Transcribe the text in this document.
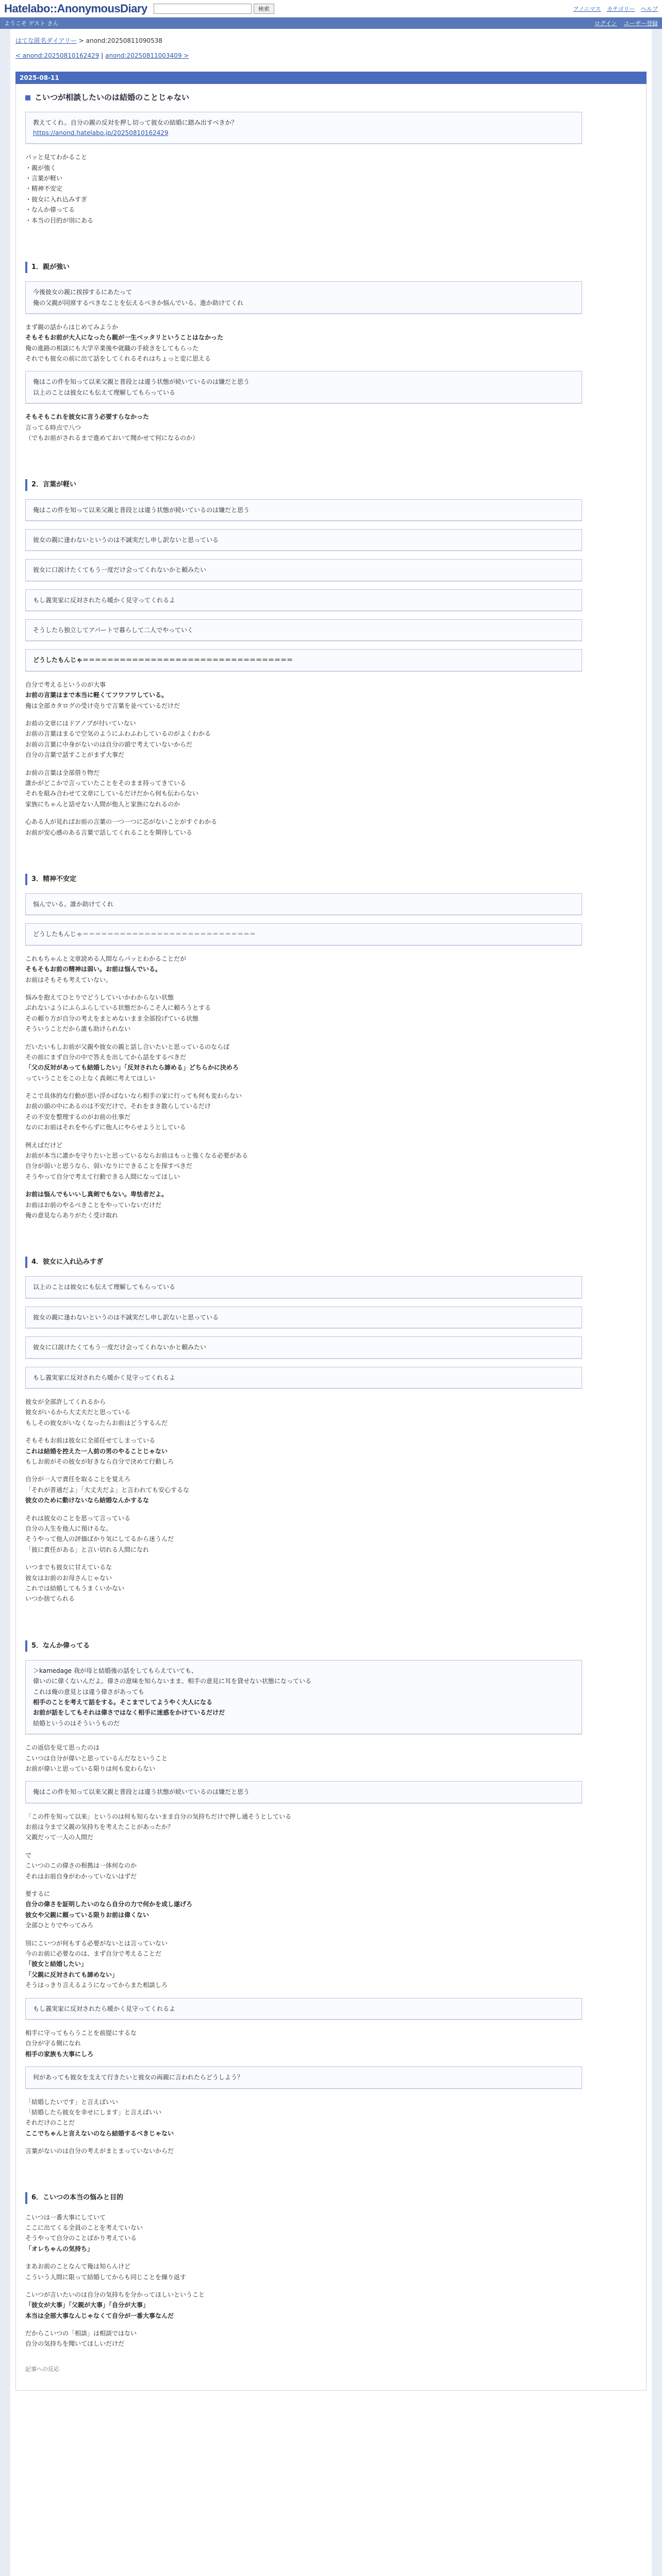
Hatelabo::AnonymousDiary	検索	アノニマス カテゴリー ヘルプ
ようこそ ゲスト さん	ログイン ユーザー登録
はてな匿名ダイアリー > anond:20250811090538
< anond:20250810162429 | anond:20250811003409 >
2025-08-11
こいつが相談したいのは結婚のことじゃない
教えてくれ。自分の親の反対を押し切って彼女の結婚に踏み出すべきか？
https://anond.hatelabo.jp/20250810162429
パッと見てわかること
・親が強く
・言葉が軽い
・精神不安定
・彼女に入れ込みすぎ
・なんか偉ってる
・本当の目的が別にある
1．親が強い
今後彼女の親に挨拶するにあたって
俺の父親が同席するべきなことを伝えるべきか悩んでいる。進か助けてくれ
まず親の話からはじめてみようか
そもそもお前が大人になったら親が一生ベッタリということはなかった
俺の進路の相談にも大学卒業後や就職の手続きをしてもらった
それでも彼女の前に出て話をしてくれるそれはちょっと変に思える
俺はこの件を知って以来父親と普段とは違う状態が続いているのは嫌だと思う
以上のことは彼女にも伝えて理解してもらっている
そもそもこれを彼女に言う必要すらなかった
言ってる時点で八つ
（でもお前がされるまで進めておいて聞かせて何になるのか）
2．言葉が軽い
俺はこの件を知って以来父親と普段とは違う状態が続いているのは嫌だと思う
彼女の親に逢わないというのは不誠実だし申し訳ないと思っている
彼女に口説けたくてもう一度だけ会ってくれないかと頼みたい
もし義実家に反対されたら暖かく見守ってくれるよ
そうしたら独立してアパートで暮らして二人でやっていく
どうしたもんじゃ＝＝＝＝＝＝＝＝＝＝＝＝＝＝＝＝＝＝＝＝＝＝＝＝＝＝＝＝＝＝＝＝＝＝
自分で考えるというのが大事
お前の言葉はまで本当に軽くてフワフワしている。
俺は全部カタログの受け売りで言葉を並べているだけだ
お前の文章にはドアノブが付いていない
お前の言葉はまるで空気のようにふわふわしているのがよくわかる
お前の言葉に中身がないのは自分の頭で考えていないからだ
自分の言葉で話すことがまず大事だ
お前の言葉は全部借り物だ
誰かがどこかで言っていたことをそのまま持ってきている
それを組み合わせて文章にしているだけだから何も伝わらない
家族にちゃんと話せない人間が他人と家族になれるのか
心ある人が見ればお前の言葉の一つ一つに芯がないことがすぐわかる
お前が安心感のある言葉で話してくれることを期待している
3．精神不安定
悩んでいる。誰か助けてくれ
どうしたもんじゃ＝＝＝＝＝＝＝＝＝＝＝＝＝＝＝＝＝＝＝＝＝＝＝＝＝＝＝＝
これもちゃんと文章読める人間ならパッとわかることだが
そもそもお前の精神は弱い。お前は悩んでいる。
お前はそもそも考えていない。
悩みを抱えてひとりでどうしていいかわからない状態
ぶれないようにふらふらしている状態だからこそ人に頼ろうとする
その頼り方が自分の考えをまとめないまま全部投げている状態
そういうことだから誰も助けられない
だいたいもしお前が父親や彼女の親と話し合いたいと思っているのならば
その前にまず自分の中で答えを出してから話をするべきだ
「父の反対があっても結婚したい」「反対されたら諦める」どちらかに決めろ
っていうことをこの上なく真剣に考えてほしい
そこで具体的な行動が思い浮かばないなら相手の家に行っても何も変わらない
お前の頭の中にあるのは不安だけで、それをまき散らしているだけ
その不安を整理するのがお前の仕事だ
なのにお前はそれをやらずに他人にやらせようとしている
例えばだけど
お前が本当に誰かを守りたいと思っているならお前はもっと強くなる必要がある
自分が弱いと思うなら、弱いなりにできることを探すべきだ
そうやって自分で考えて行動できる人間になってほしい
お前は悩んでもいいし真剣でもない。卑怯者だよ。
お前はお前のやるべきことをやっていないだけだ
俺の意見ならありがたく受け取れ
4．彼女に入れ込みすぎ
以上のことは彼女にも伝えて理解してもらっている
彼女の親に逢わないというのは不誠実だし申し訳ないと思っている
彼女に口説けたくてもう一度だけ会ってくれないかと頼みたい
もし義実家に反対されたら暖かく見守ってくれるよ
彼女が全部許してくれるから
彼女がいるから大丈夫だと思っている
もしその彼女がいなくなったらお前はどうするんだ
そもそもお前は彼女に全部任せてしまっている
これは結婚を控えた一人前の男のやることじゃない
もしお前がその彼女が好きなら自分で決めて行動しろ
自分が一人で責任を取ることを覚えろ
「それが普通だよ」「大丈夫だよ」と言われても安心するな
彼女のために動けないなら結婚なんかするな
それは彼女のことを思って言っている
自分の人生を他人に預けるな。
そうやって他人の評価ばかり気にしてるから迷うんだ
「彼に責任がある」と言い切れる人間になれ
いつまでも彼女に甘えているな
彼女はお前のお母さんじゃない
これでは結婚してもうまくいかない
いつか捨てられる
5．なんか偉ってる
＞kamedage 我が母と結婚後の話をしてもらえていても、
偉いのに偉くないんだよ。偉さの意味を知らないまま、相手の意見に耳を貸せない状態になっている
これは俺の意見とは違う偉さがあっても
相手のことを考えて話をする。そこまでしてようやく大人になる
お前が話をしてもそれは偉さではなく相手に迷惑をかけているだけだ
結婚というのはそういうものだ
この返信を見て思ったのは
こいつは自分が偉いと思っているんだなということ
お前が偉いと思っている限りは何も変わらない
俺はこの件を知って以来父親と普段とは違う状態が続いているのは嫌だと思う
「この件を知って以来」というのは何も知らないまま自分の気持ちだけで押し通そうとしている
お前は今まで父親の気持ちを考えたことがあったか？
父親だって一人の人間だ
で
こいつのこの偉さの根拠は一体何なのか
それはお前自身がわかっていないはずだ
要するに
自分の偉さを証明したいのなら自分の力で何かを成し遂げろ
彼女や父親に頼っている限りお前は偉くない
全部ひとりでやってみろ
別にこいつが何もする必要がないとは言っていない
今のお前に必要なのは、まず自分で考えることだ
「彼女と結婚したい」
「父親に反対されても諦めない」
そうはっきり言えるようになってからまた相談しろ
もし義実家に反対されたら暖かく見守ってくれるよ
相手に守ってもらうことを前提にするな
自分が守る側になれ
相手の家族も大事にしろ
何があっても彼女を支えて行きたいと彼女の両親に言われたらどうしよう？
「結婚したいです」と言えばいい
「結婚したら彼女を幸せにします」と言えばいい
それだけのことだ
ここでちゃんと言えないのなら結婚するべきじゃない
言葉がないのは自分の考えがまとまっていないからだ
6．こいつの本当の悩みと目的
こいつは一番大事にしていて
ここに出てくる全員のことを考えていない
そうやって自分のことばかり考えている
「オレちゃんの気持ち」
まあお前のことなんて俺は知らんけど
こういう人間に限って結婚してからも同じことを繰り返す
こいつが言いたいのは自分の気持ちを分かってほしいということ
「彼女が大事」「父親が大事」「自分が大事」
本当は全部大事なんじゃなくて自分が一番大事なんだ
だからこいつの「相談」は相談ではない
自分の気持ちを聞いてほしいだけだ
記事への反応
